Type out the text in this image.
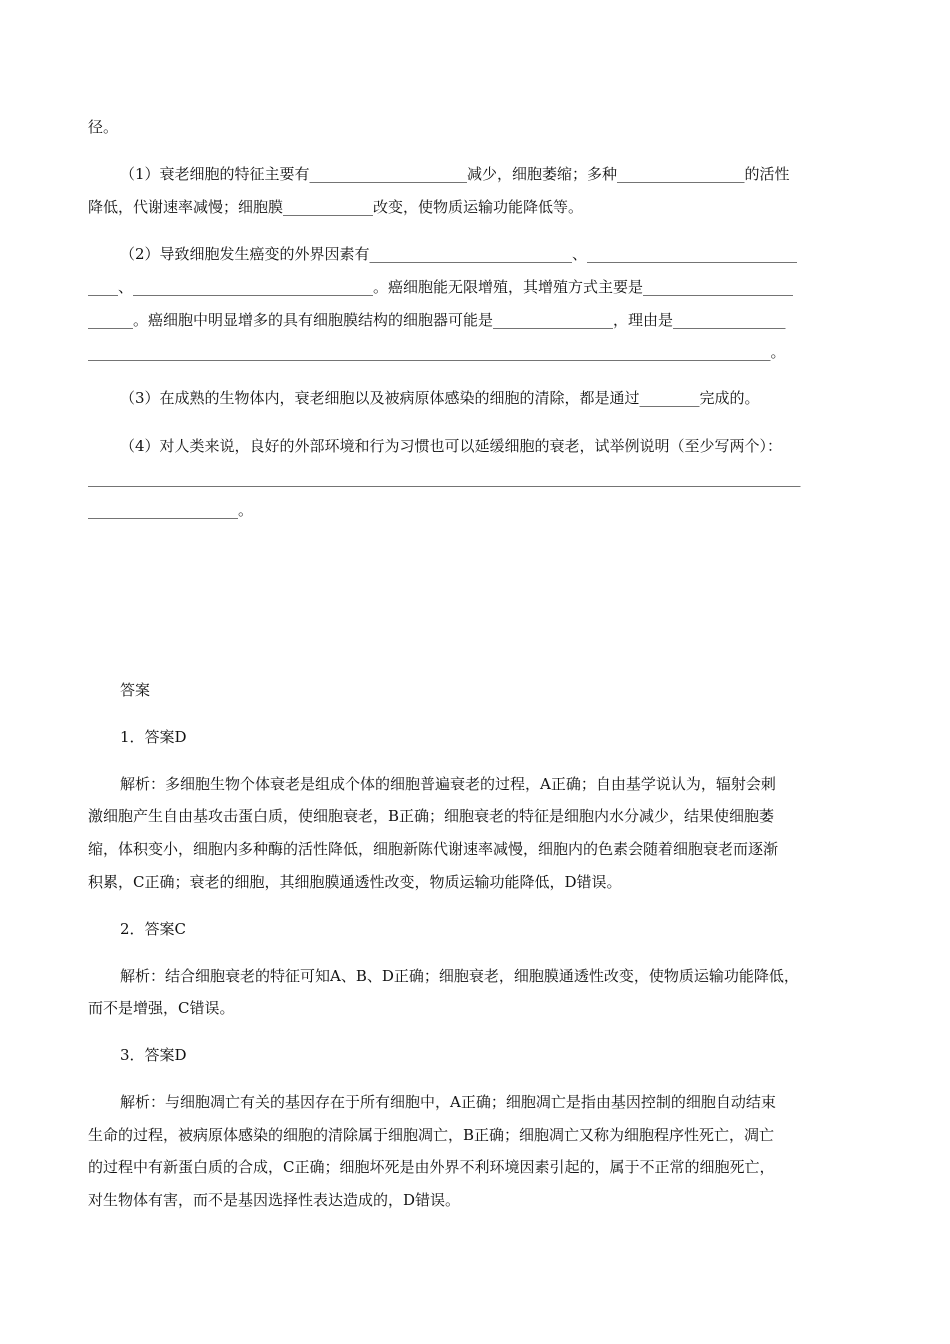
径。
（1）衰老细胞的特征主要有_____________________减少，细胞萎缩；多种_________________的活性
降低，代谢速率减慢；细胞膜____________改变，使物质运输功能降低等。
（2）导致细胞发生癌变的外界因素有___________________________、____________________________
____、________________________________。癌细胞能无限增殖，其增殖方式主要是____________________
______。癌细胞中明显增多的具有细胞膜结构的细胞器可能是________________，理由是_______________
___________________________________________________________________________________________。
（3）在成熟的生物体内，衰老细胞以及被病原体感染的细胞的清除，都是通过________完成的。
（4）对人类来说，良好的外部环境和行为习惯也可以延缓细胞的衰老，试举例说明（至少写两个）：
_______________________________________________________________________________________________
____________________。
答案
1．答案D
解析：多细胞生物个体衰老是组成个体的细胞普遍衰老的过程，A正确；自由基学说认为，辐射会刺
激细胞产生自由基攻击蛋白质，使细胞衰老，B正确；细胞衰老的特征是细胞内水分减少，结果使细胞萎
缩，体积变小，细胞内多种酶的活性降低，细胞新陈代谢速率减慢，细胞内的色素会随着细胞衰老而逐渐
积累，C正确；衰老的细胞，其细胞膜通透性改变，物质运输功能降低，D错误。
2．答案C
解析：结合细胞衰老的特征可知A、B、D正确；细胞衰老，细胞膜通透性改变，使物质运输功能降低，
而不是增强，C错误。
3．答案D
解析：与细胞凋亡有关的基因存在于所有细胞中，A正确；细胞凋亡是指由基因控制的细胞自动结束
生命的过程，被病原体感染的细胞的清除属于细胞凋亡，B正确；细胞凋亡又称为细胞程序性死亡，凋亡
的过程中有新蛋白质的合成，C正确；细胞坏死是由外界不利环境因素引起的，属于不正常的细胞死亡，
对生物体有害，而不是基因选择性表达造成的，D错误。
